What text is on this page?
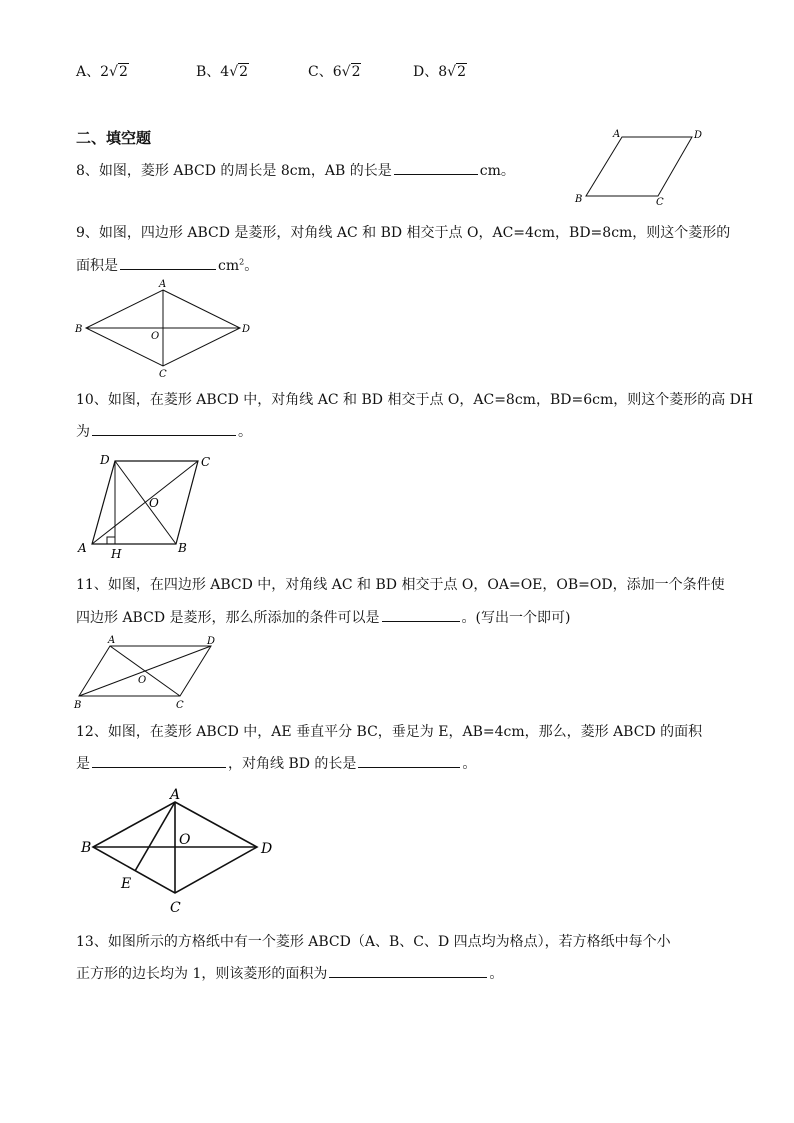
A、2√2	B、4√2	C、6√2	D、8√2
二、填空题
8、如图，菱形 ABCD 的周长是 8cm，AB 的长是	cm。
A	D
B	C
9、如图，四边形 ABCD 是菱形，对角线 AC 和 BD 相交于点 O，AC=4cm，BD=8cm，则这个菱形的
面积是	$cm^2$。
A
B	D
C
O
10、如图，在菱形 ABCD 中，对角线 AC 和 BD 相交于点 O，AC=8cm，BD=6cm，则这个菱形的高 DH
为	。
D	C
O
A H	B
11、如图，在四边形 ABCD 中，对角线 AC 和 BD 相交于点 O，OA=OE，OB=OD，添加一个条件使
四边形 ABCD 是菱形，那么所添加的条件可以是	。(写出一个即可)
A	D
B	C
O
12、如图，在菱形 ABCD 中，AE 垂直平分 BC，垂足为 E，AB=4cm，那么，菱形 ABCD 的面积
是	，对角线 BD 的长是	。
A
B	D
O
E
C
13、如图所示的方格纸中有一个菱形 ABCD（A、B、C、D 四点均为格点），若方格纸中每个小
正方形的边长均为 1，则该菱形的面积为	。
